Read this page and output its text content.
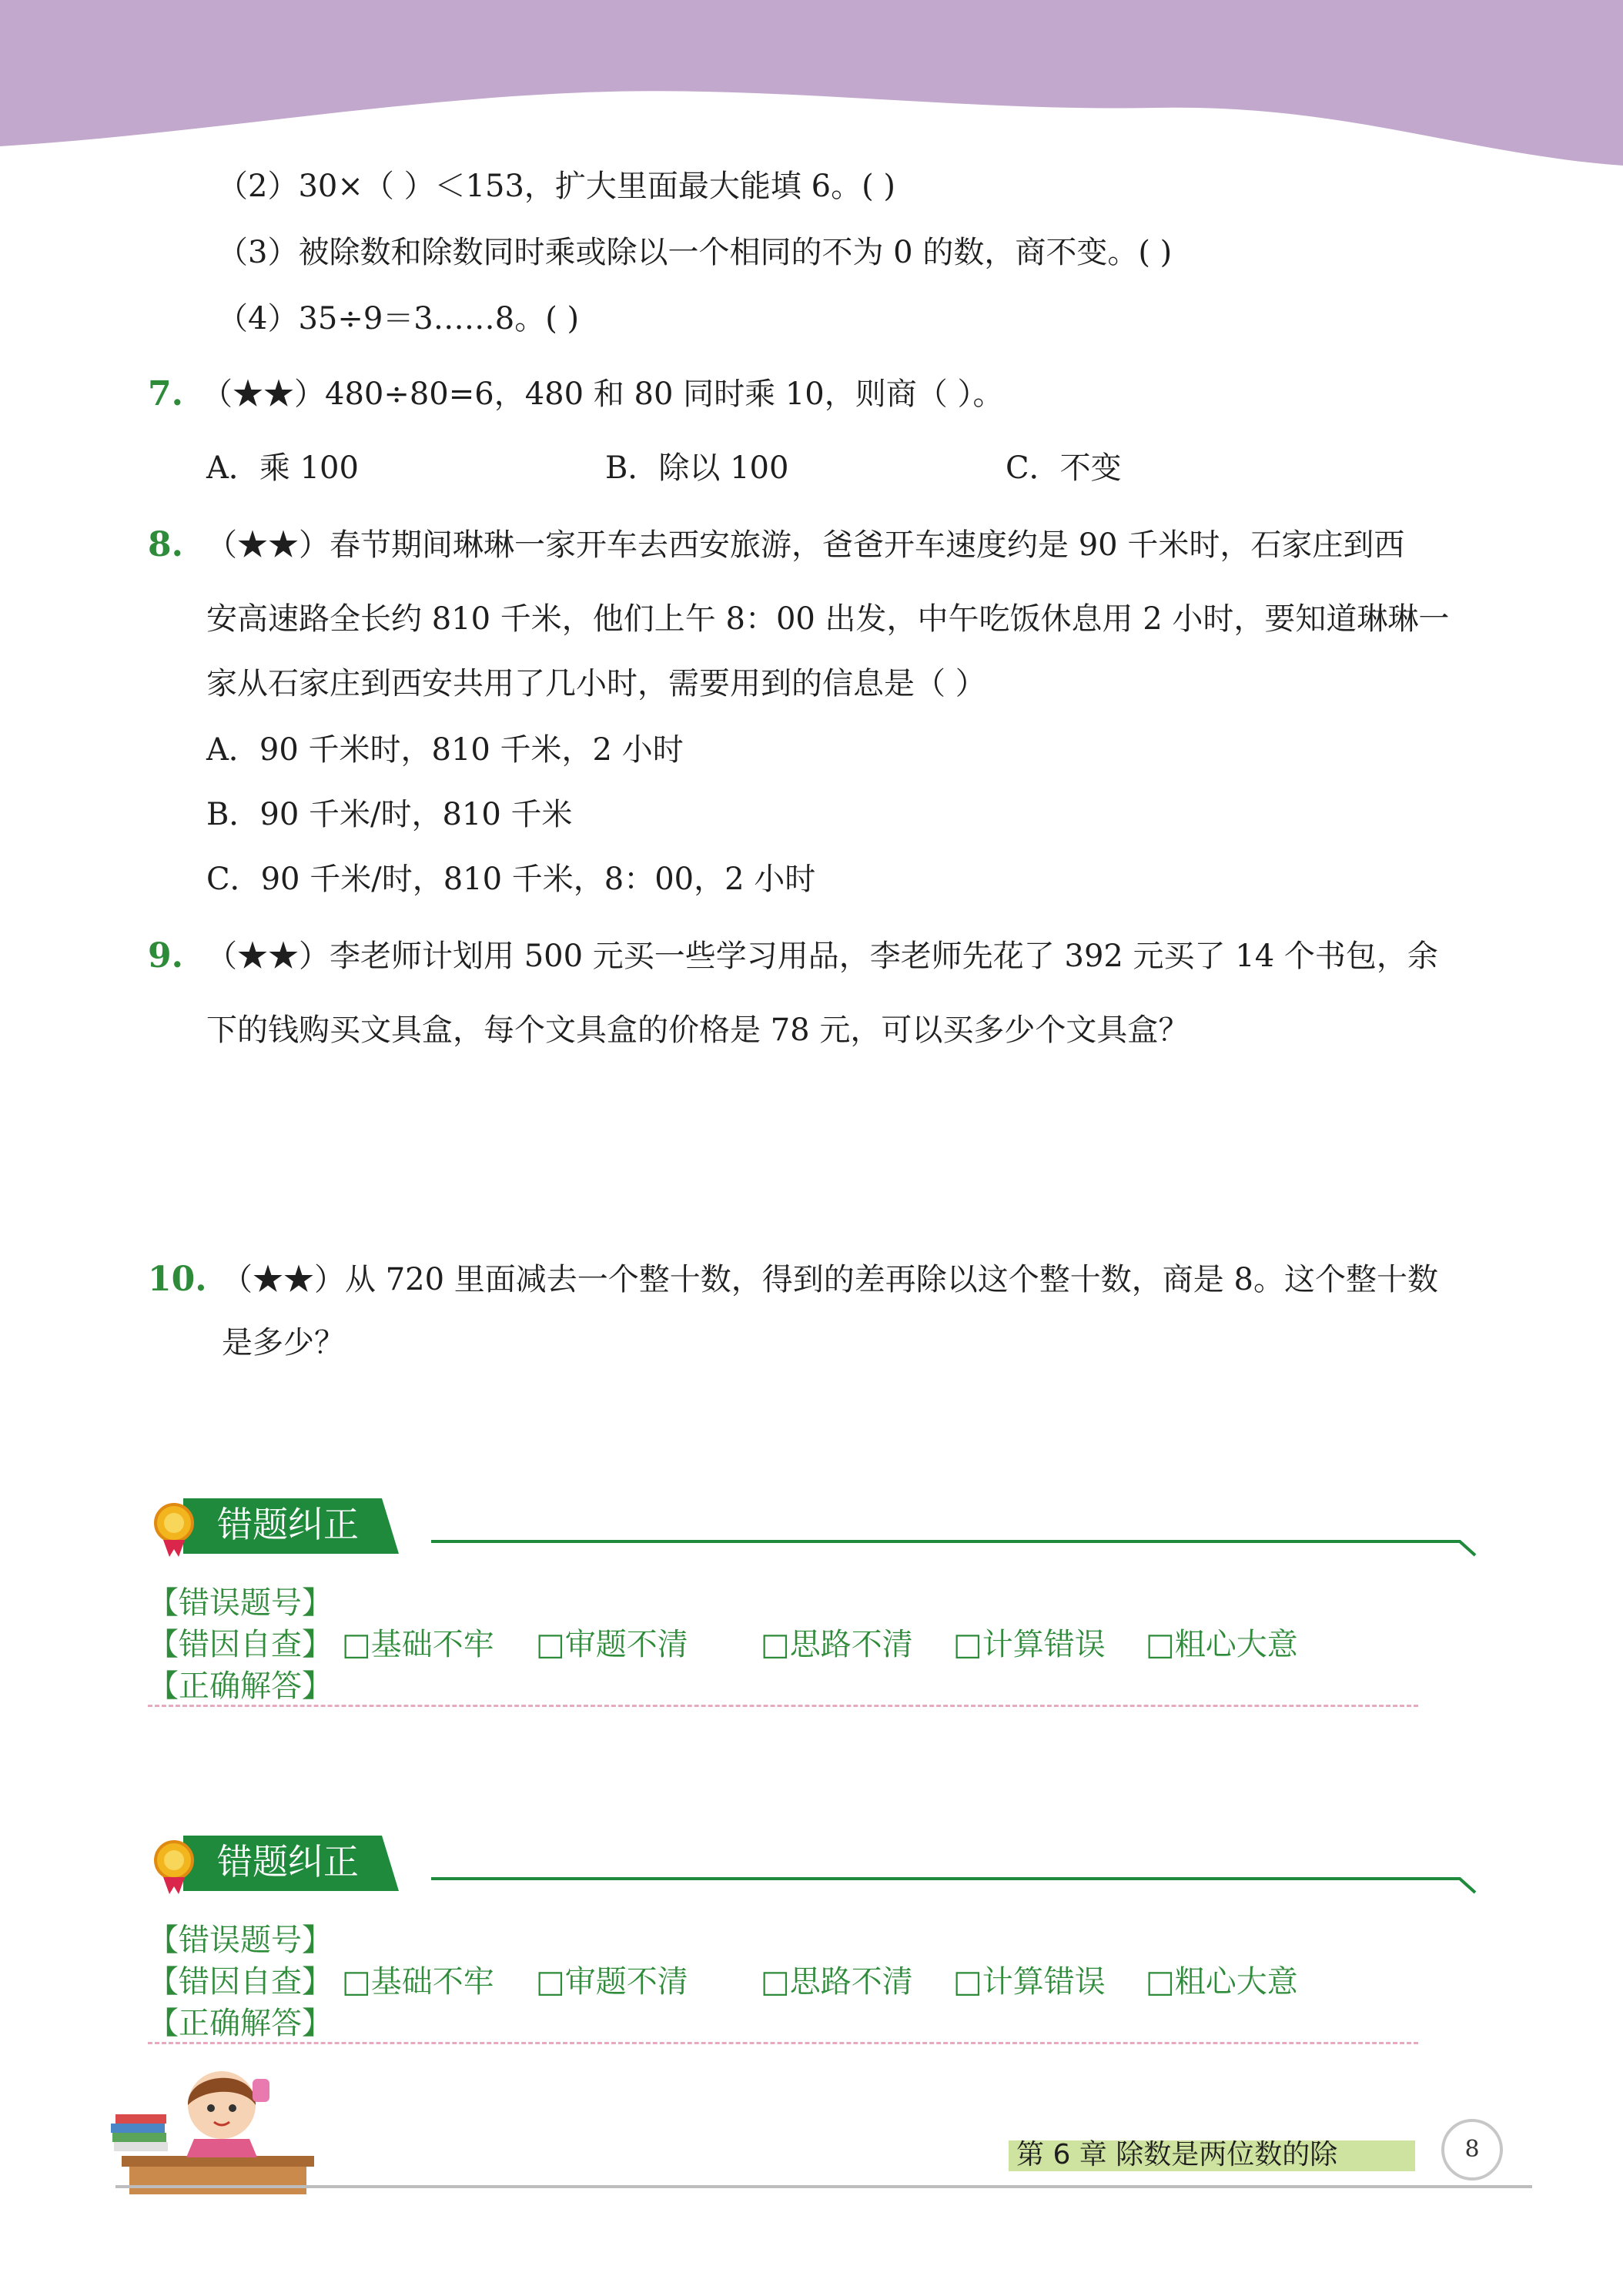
（2）30×（ ）＜153，扩大里面最大能填 6。( )
（3）被除数和除数同时乘或除以一个相同的不为 0 的数，商不变。( )
（4）35÷9＝3……8。( )
7. （★★）480÷80=6，480 和 80 同时乘 10，则商（ ）。
A．乘 100	B．除以 100	C．不变
8. （★★）春节期间琳琳一家开车去西安旅游，爸爸开车速度约是 90 千米时，石家庄到西
安高速路全长约 810 千米，他们上午 8：00 出发，中午吃饭休息用 2 小时，要知道琳琳一
家从石家庄到西安共用了几小时，需要用到的信息是（ ）
A．90 千米时，810 千米，2 小时
B．90 千米/时，810 千米
C．90 千米/时，810 千米，8：00，2 小时
9. （★★）李老师计划用 500 元买一些学习用品，李老师先花了 392 元买了 14 个书包，余
下的钱购买文具盒，每个文具盒的价格是 78 元，可以买多少个文具盒？
10. （★★）从 720 里面减去一个整十数，得到的差再除以这个整十数，商是 8。这个整十数
是多少？
错题纠正
【错误题号】
【错因自查】 □基础不牢 □审题不清 □思路不清 □计算错误 □粗心大意
【正确解答】
错题纠正
【错误题号】
【错因自查】 □基础不牢 □审题不清 □思路不清 □计算错误 □粗心大意
【正确解答】
第 6 章 除数是两位数的除	8
